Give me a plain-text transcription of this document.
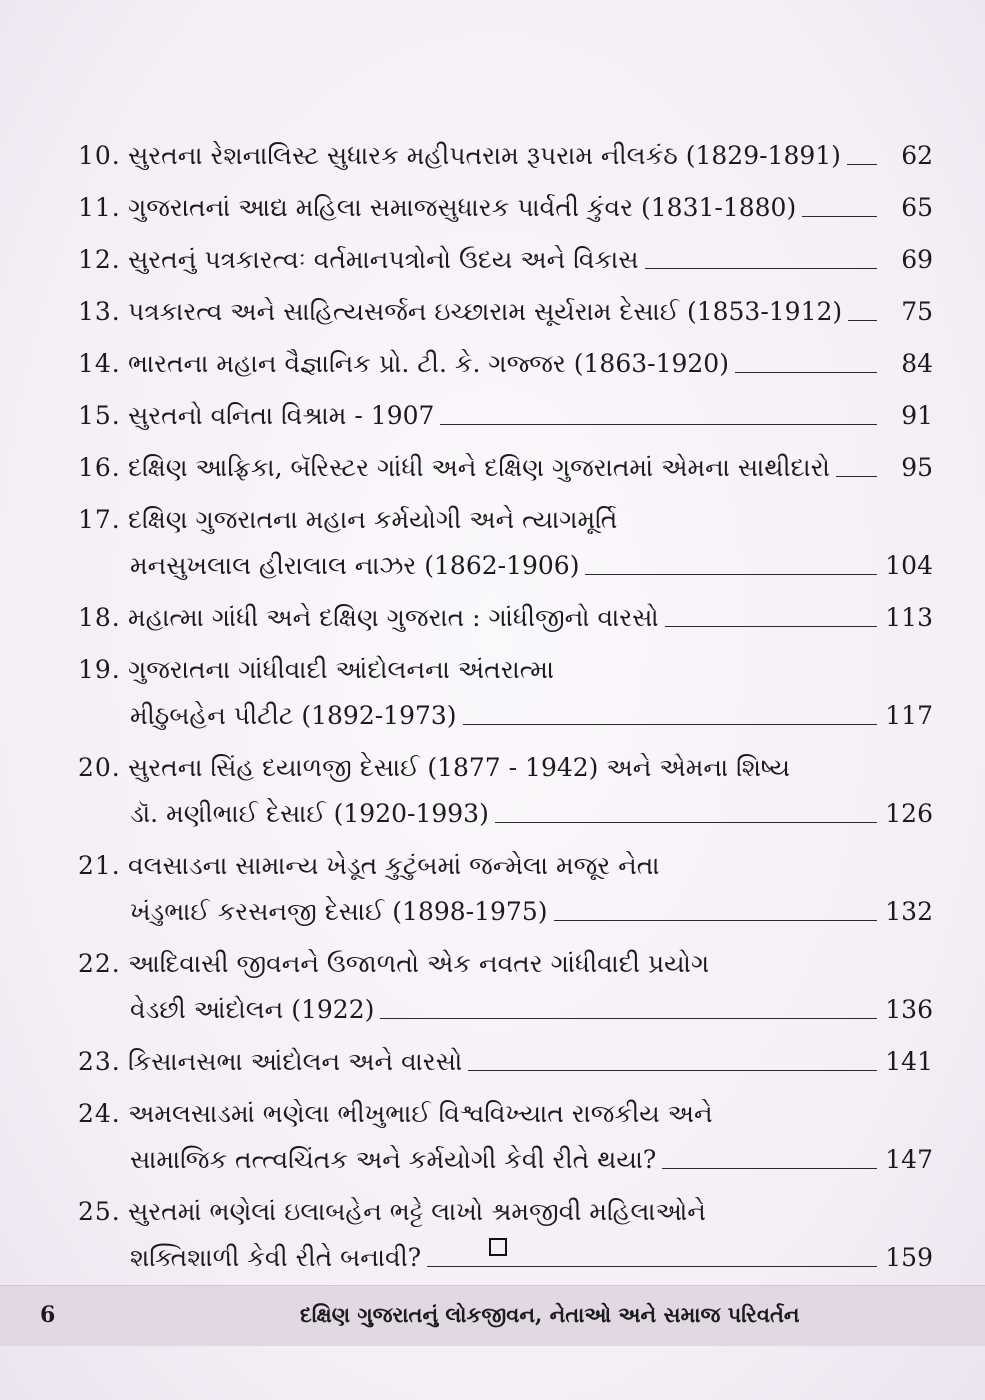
10. સુરતના રેશનાલિસ્ટ સુધારક મહીપતરામ રૂપરામ નીલકંઠ (1829-1891)	62
11. ગુજરાતનાં આદ્ય મહિલા સમાજસુધારક પાર્વતી કુંવર (1831-1880)	65
12. સુરતનું પત્રકારત્વઃ વર્તમાનપત્રોનો ઉદય અને વિકાસ	69
13. પત્રકારત્વ અને સાહિત્યસર્જન ઇચ્છારામ સૂર્યરામ દેસાઈ (1853-1912)	75
14. ભારતના મહાન વૈજ્ઞાનિક પ્રો. ટી. કે. ગજ્જર (1863-1920)	84
15. સુરતનો વનિતા વિશ્રામ - 1907	91
16. દક્ષિણ આફ્રિકા, બૅરિસ્ટર ગાંધી અને દક્ષિણ ગુજરાતમાં એમના સાથીદારો	95
17. દક્ષિણ ગુજરાતના મહાન કર્મયોગી અને ત્યાગમૂર્તિ
મનસુખલાલ હીરાલાલ નાઝર (1862-1906)	104
18. મહાત્મા ગાંધી અને દક્ષિણ ગુજરાત : ગાંધીજીનો વારસો	113
19. ગુજરાતના ગાંધીવાદી આંદોલનના અંતરાત્મા
મીઠુબહેન પીટીટ (1892-1973)	117
20. સુરતના સિંહ દયાળજી દેસાઈ (1877 - 1942) અને એમના શિષ્ય
ડૉ. મણીભાઈ દેસાઈ (1920-1993)	126
21. વલસાડના સામાન્ય ખેડૂત કુટુંબમાં જન્મેલા મજૂર નેતા
ખંડુભાઈ કરસનજી દેસાઈ (1898-1975)	132
22. આદિવાસી જીવનને ઉજાળતો એક નવતર ગાંધીવાદી પ્રયોગ
વેડછી આંદોલન (1922)	136
23. કિસાનસભા આંદોલન અને વારસો	141
24. અમલસાડમાં ભણેલા ભીખુભાઈ વિશ્વવિખ્યાત રાજકીય અને
સામાજિક તત્ત્વચિંતક અને કર્મયોગી કેવી રીતે થયા?	147
25. સુરતમાં ભણેલાં ઇલાબહેન ભટ્ટે લાખો શ્રમજીવી મહિલાઓને
શક્તિશાળી કેવી રીતે બનાવી?	159
6	દક્ષિણ ગુજરાતનું લોકજીવન, નેતાઓ અને સમાજ પરિવર્તન
